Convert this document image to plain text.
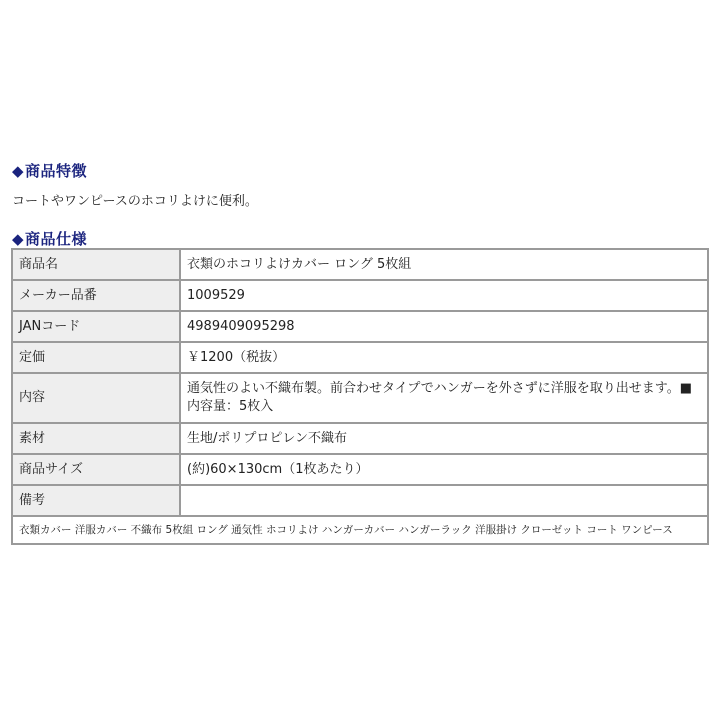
◆商品特徴
コートやワンピースのホコリよけに便利。
◆商品仕様
商品名	衣類のホコリよけカバー ロング 5枚組
メーカー品番	1009529
JANコード	4989409095298
定価	￥1200（税抜）
内容	通気性のよい不織布製。前合わせタイプでハンガーを外さずに洋服を取り出せます。■
内容量：5枚入

素材	生地/ポリプロピレン不織布
商品サイズ	(約)60×130cm（1枚あたり）
備考	
衣類カバー 洋服カバー 不織布 5枚組 ロング 通気性 ホコリよけ ハンガーカバー ハンガーラック 洋服掛け クローゼット コート ワンピース	
